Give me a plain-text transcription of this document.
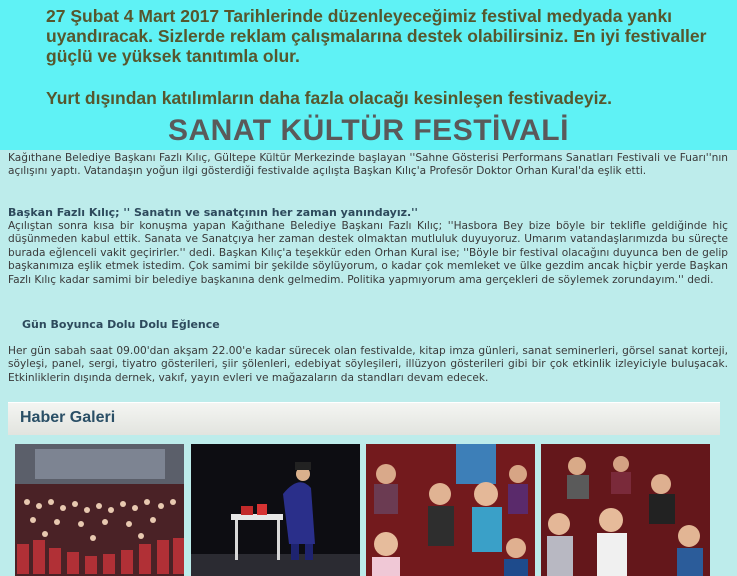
27 Şubat 4 Mart 2017 Tarihlerinde düzenleyeceğimiz festival medyada yankı uyandıracak. Sizlerde reklam çalışmalarına destek olabilirsiniz. En iyi festivaller güçlü ve yüksek tanıtımla olur.

Yurt dışından katılımların daha fazla olacağı kesinleşen festivadeyiz.

SANAT KÜLTÜR FESTİVALİ
Kağıthane Belediye Başkanı Fazlı Kılıç, Gültepe Kültür Merkezinde başlayan ''Sahne Gösterisi Performans Sanatları Festivali ve Fuarı''nın açılışını yaptı. Vatandaşın yoğun ilgi gösterdiği festivalde açılışta Başkan Kılıç'a Profesör Doktor Orhan Kural'da eşlik etti.
Başkan Fazlı Kılıç; '' Sanatın ve sanatçının her zaman yanındayız.''
Açılıştan sonra kısa bir konuşma yapan Kağıthane Belediye Başkanı Fazlı Kılıç; ''Hasbora Bey bize böyle bir teklifle geldiğinde hiç düşünmeden kabul ettik. Sanata ve Sanatçıya her zaman destek olmaktan mutluluk duyuyoruz. Umarım vatandaşlarımızda bu süreçte burada eğlenceli vakit geçirirler.'' dedi. Başkan Kılıç'a teşekkür eden Orhan Kural ise; ''Böyle bir festival olacağını duyunca ben de gelip başkanımıza eşlik etmek istedim. Çok samimi bir şekilde söylüyorum, o kadar çok memleket ve ülke gezdim ancak hiçbir yerde Başkan Fazlı Kılıç kadar samimi bir belediye başkanına denk gelmedim. Politika yapmıyorum ama gerçekleri de söylemek zorundayım.'' dedi.
Gün Boyunca Dolu Dolu Eğlence
Her gün sabah saat 09.00'dan akşam 22.00'e kadar sürecek olan festivalde, kitap imza günleri, sanat seminerleri, görsel sanat korteji, söyleşi, panel, sergi, tiyatro gösterileri, şiir şölenleri, edebiyat söyleşileri, illüzyon gösterileri gibi bir çok etkinlik izleyiciyle buluşacak. Etkinliklerin dışında dernek, vakıf, yayın evleri ve mağazaların da standları devam edecek.
Haber Galeri
